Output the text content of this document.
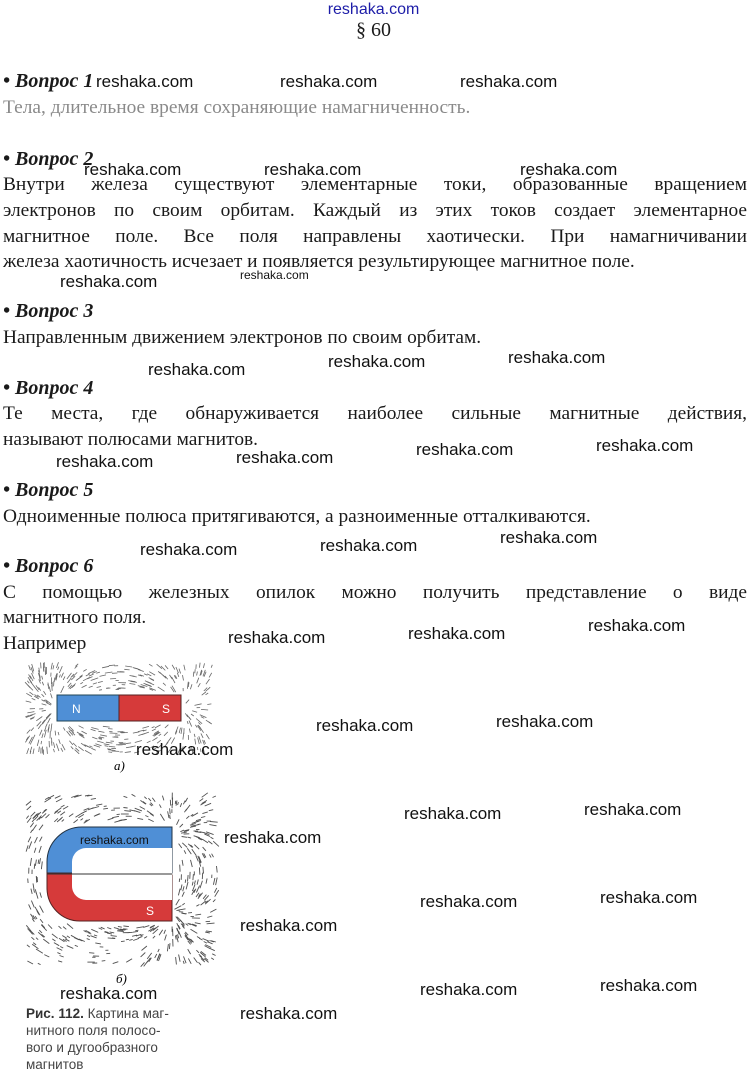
reshaka.com
§ 60
• Вопрос 1
Тела, длительное время сохраняющие намагниченность.
• Вопрос 2
Внутри железа существуют элементарные токи, образованные вращением
электронов по своим орбитам. Каждый из этих токов создает элементарное
магнитное поле. Все поля направлены хаотически. При намагничивании
железа хаотичность исчезает и появляется результирующее магнитное поле.
• Вопрос 3
Направленным движением электронов по своим орбитам.
• Вопрос 4
Те места, где обнаруживается наиболее сильные магнитные действия,
называют полюсами магнитов.
• Вопрос 5
Одноименные полюса притягиваются, а разноименные отталкиваются.
• Вопрос 6
С помощью железных опилок можно получить представление о виде
магнитного поля.
Например
N	S
а)
S
б)
Рис. 112. Картина маг-
нитного поля полосо-
вого и дугообразного
магнитов
reshaka.com	reshaka.com	reshaka.com
reshaka.com	reshaka.com	reshaka.com
reshaka.com	reshaka.com
reshaka.com	reshaka.com	reshaka.com
reshaka.com	reshaka.com	reshaka.com	reshaka.com
reshaka.com	reshaka.com	reshaka.com
reshaka.com	reshaka.com	reshaka.com
reshaka.com	reshaka.com
reshaka.com
reshaka.com	reshaka.com
reshaka.com
reshaka.com
reshaka.com	reshaka.com
reshaka.com
reshaka.com	reshaka.com	reshaka.com
reshaka.com
